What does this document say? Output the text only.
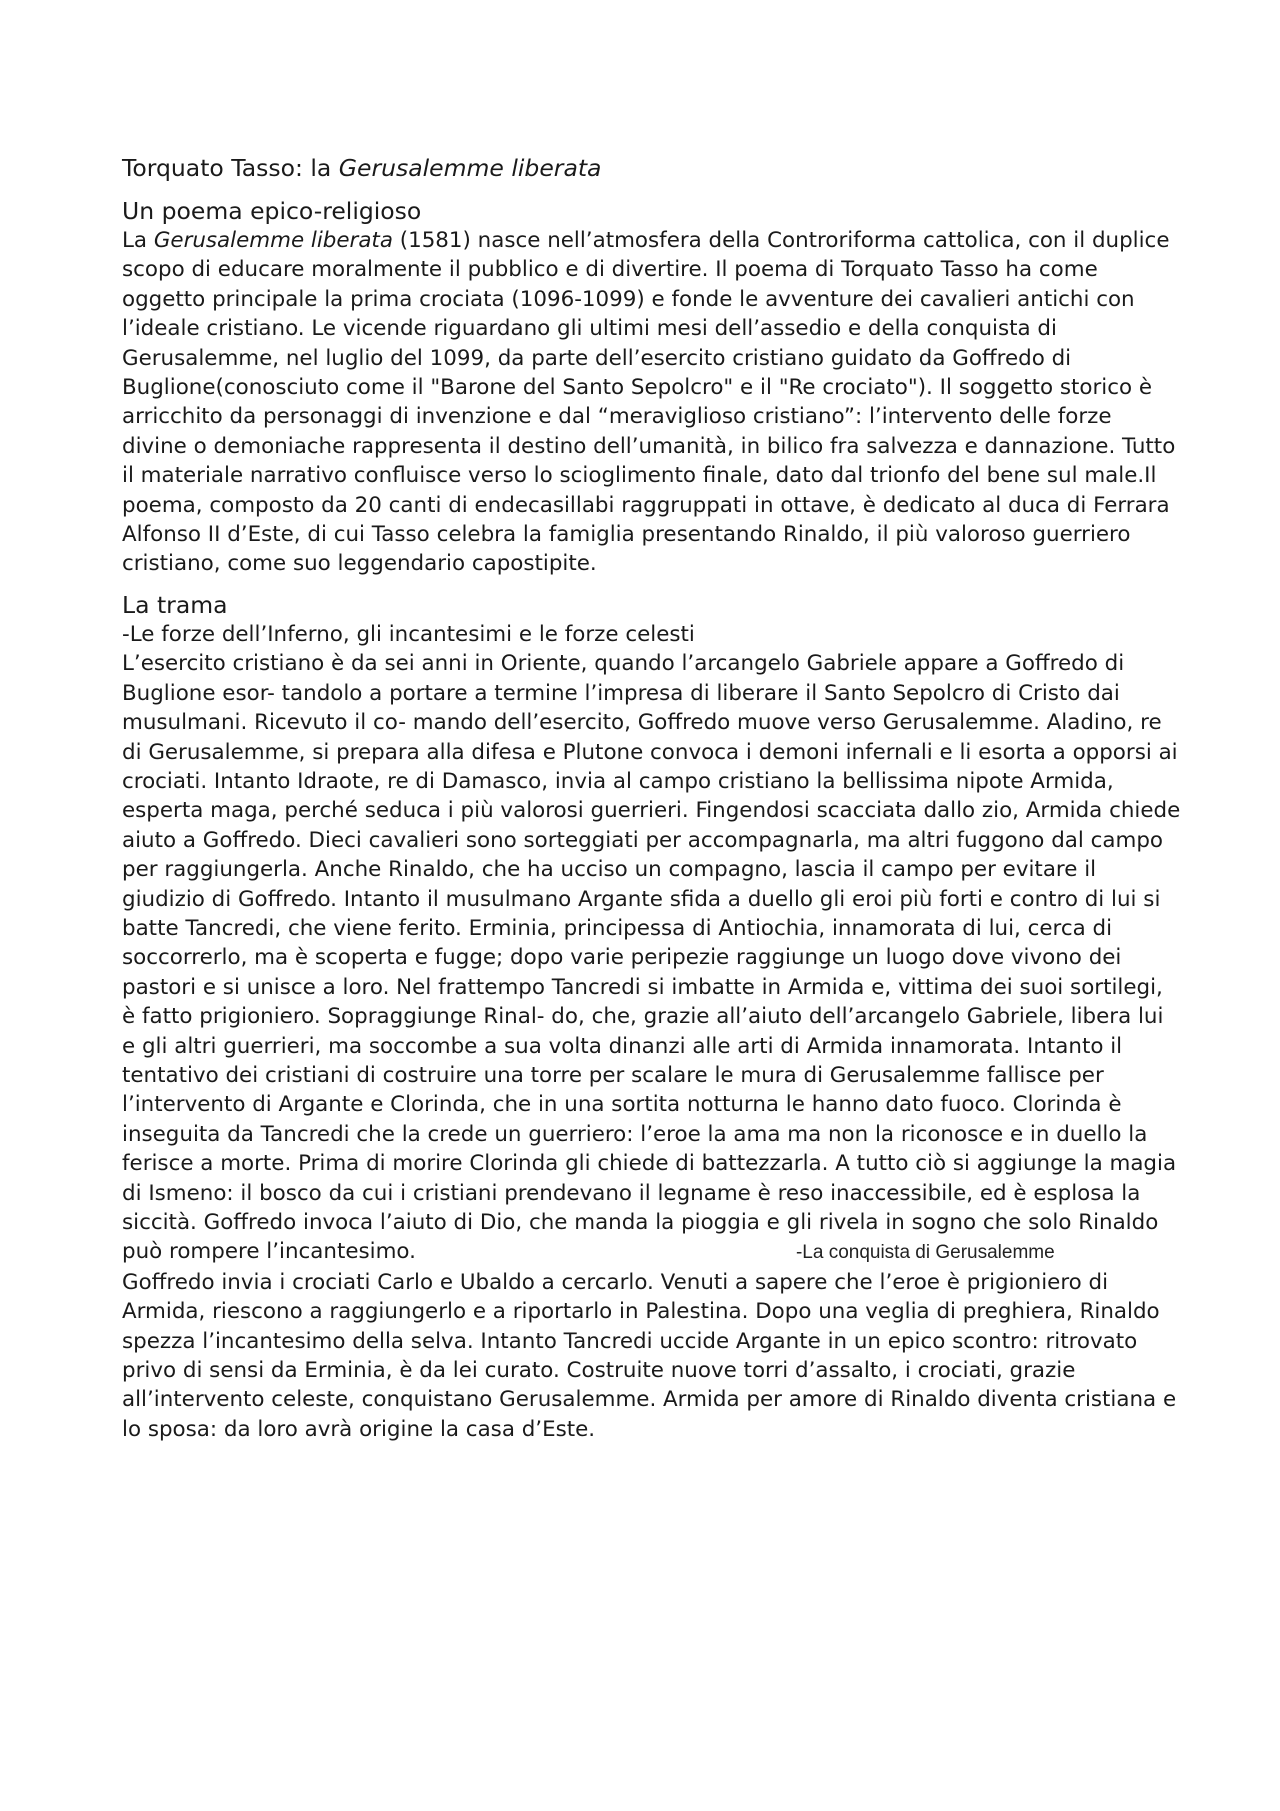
Torquato Tasso: la Gerusalemme liberata

Un poema epico-religioso

La Gerusalemme liberata (1581) nasce nell’atmosfera della Controriforma cattolica, con il duplice scopo di educare moralmente il pubblico e di divertire. Il poema di Torquato Tasso ha come oggetto principale la prima crociata (1096-1099) e fonde le avventure dei cavalieri antichi con l’ideale cristiano. Le vicende riguardano gli ultimi mesi dell’assedio e della conquista di Gerusalemme, nel luglio del 1099, da parte dell’esercito cristiano guidato da Goffredo di Buglione(conosciuto come il "Barone del Santo Sepolcro" e il "Re crociato"). Il soggetto storico è arricchito da personaggi di invenzione e dal “meraviglioso cristiano”: l’intervento delle forze divine o demoniache rappresenta il destino dell’umanità, in bilico fra salvezza e dannazione. Tutto il materiale narrativo confluisce verso lo scioglimento finale, dato dal trionfo del bene sul male.Il poema, composto da 20 canti di endecasillabi raggruppati in ottave, è dedicato al duca di Ferrara Alfonso II d’Este, di cui Tasso celebra la famiglia presentando Rinaldo, il più valoroso guerriero cristiano, come suo leggendario capostipite.

La trama

-Le forze dell’Inferno, gli incantesimi e le forze celesti

L’esercito cristiano è da sei anni in Oriente, quando l’arcangelo Gabriele appare a Goffredo di Buglione esor- tandolo a portare a termine l’impresa di liberare il Santo Sepolcro di Cristo dai musulmani. Ricevuto il co- mando dell’esercito, Goffredo muove verso Gerusalemme. Aladino, re di Gerusalemme, si prepara alla difesa e Plutone convoca i demoni infernali e li esorta a opporsi ai crociati. Intanto Idraote, re di Damasco, invia al campo cristiano la bellissima nipote Armida, esperta maga, perché seduca i più valorosi guerrieri. Fingendosi scacciata dallo zio, Armida chiede aiuto a Goffredo. Dieci cavalieri sono sorteggiati per accompagnarla, ma altri fuggono dal campo per raggiungerla. Anche Rinaldo, che ha ucciso un compagno, lascia il campo per evitare il giudizio di Goffredo. Intanto il musulmano Argante sfida a duello gli eroi più forti e contro di lui si batte Tancredi, che viene ferito. Erminia, principessa di Antiochia, innamorata di lui, cerca di soccorrerlo, ma è scoperta e fugge; dopo varie peripezie raggiunge un luogo dove vivono dei pastori e si unisce a loro. Nel frattempo Tancredi si imbatte in Armida e, vittima dei suoi sortilegi, è fatto prigioniero. Sopraggiunge Rinal- do, che, grazie all’aiuto dell’arcangelo Gabriele, libera lui e gli altri guerrieri, ma soccombe a sua volta dinanzi alle arti di Armida innamorata. Intanto il tentativo dei cristiani di costruire una torre per scalare le mura di Gerusalemme fallisce per l’intervento di Argante e Clorinda, che in una sortita notturna le hanno dato fuoco. Clorinda è inseguita da Tancredi che la crede un guerriero: l’eroe la ama ma non la riconosce e in duello la ferisce a morte. Prima di morire Clorinda gli chiede di battezzarla. A tutto ciò si aggiunge la magia di Ismeno: il bosco da cui i cristiani prendevano il legname è reso inaccessibile, ed è esplosa la siccità. Goffredo invoca l’aiuto di Dio, che manda la pioggia e gli rivela in sogno che solo Rinaldo può rompere l’incantesimo.	-La conquista di Gerusalemme

Goffredo invia i crociati Carlo e Ubaldo a cercarlo. Venuti a sapere che l’eroe è prigioniero di Armida, riescono a raggiungerlo e a riportarlo in Palestina. Dopo una veglia di preghiera, Rinaldo spezza l’incantesimo della selva. Intanto Tancredi uccide Argante in un epico scontro: ritrovato privo di sensi da Erminia, è da lei curato. Costruite nuove torri d’assalto, i crociati, grazie all’intervento celeste, conquistano Gerusalemme. Armida per amore di Rinaldo diventa cristiana e lo sposa: da loro avrà origine la casa d’Este.
